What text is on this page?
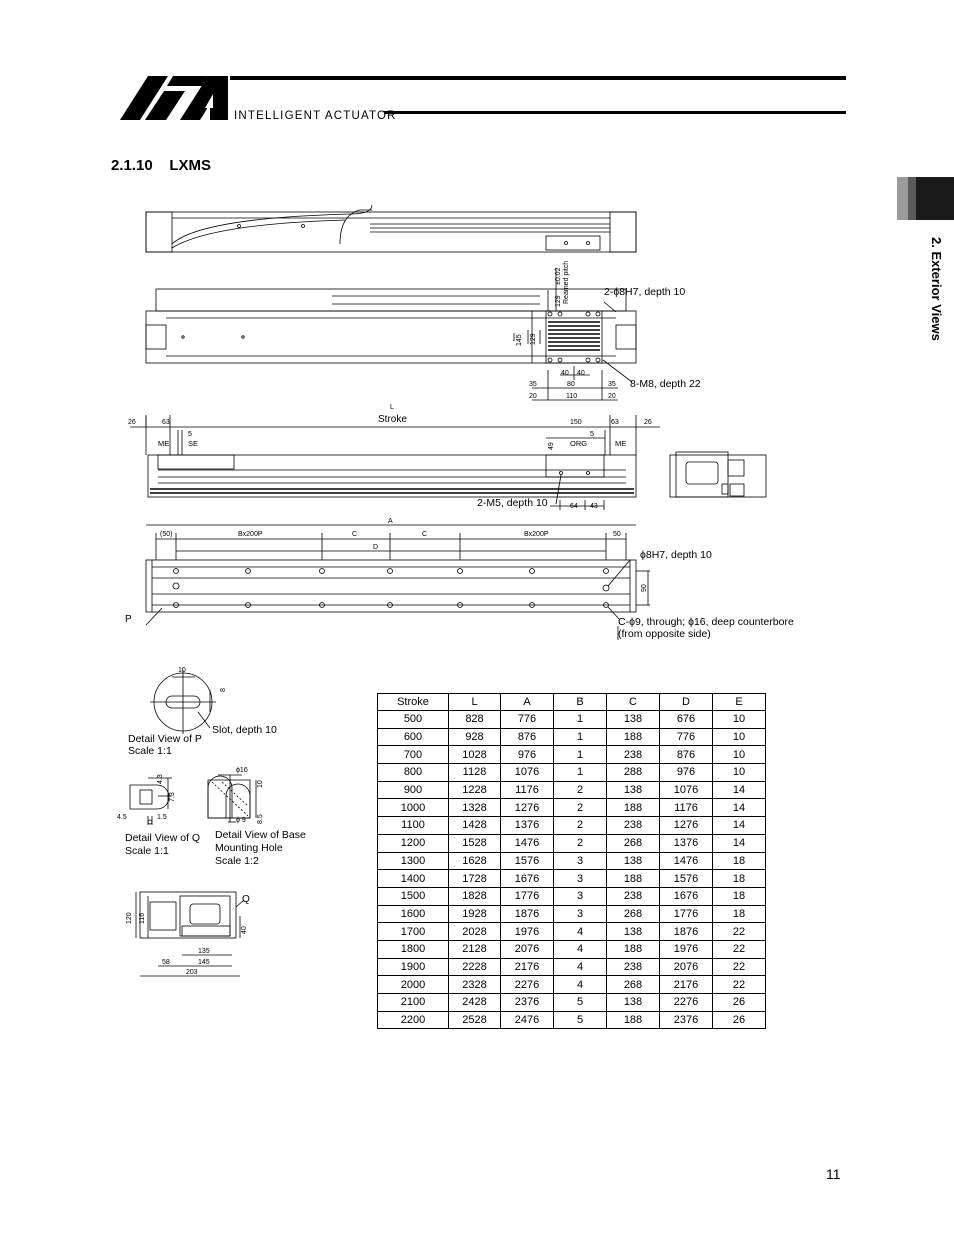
INTELLIGENT ACTUATOR
2.1.10 LXMS
2. Exterior Views
2-ϕ8H7, depth 10
8-M8, depth 22
Reamed pitch
±0.02
129
145 129
35	80	35
20	110	20
40 40
L
Stroke
26	63
5
ME	SE
150	63	26
5
ORG	ME
49
2-M5, depth 10	64 43
A
(50)	Bx200P	C	C	Bx200P	50
D
ϕ8H7, depth 10
90
P	C-ϕ9, through; ϕ16, deep counterbore
(from opposite side)
10
8
Slot, depth 10
Detail View of P
Scale 1:1
4.3
7.3
4.5	1.5
Detail View of Q
Scale 1:1
ϕ16
10
ϕ 9 8.5
Detail View of Base
Mounting Hole
Scale 1:2
Q
120 116
40
135
145
58
203
Stroke	L	A	B	C	D	E
500	828	776	1	138	676	10
600	928	876	1	188	776	10
700	1028	976	1	238	876	10
800	1128	1076	1	288	976	10
900	1228	1176	2	138	1076	14
1000	1328	1276	2	188	1176	14
1100	1428	1376	2	238	1276	14
1200	1528	1476	2	268	1376	14
1300	1628	1576	3	138	1476	18
1400	1728	1676	3	188	1576	18
1500	1828	1776	3	238	1676	18
1600	1928	1876	3	268	1776	18
1700	2028	1976	4	138	1876	22
1800	2128	2076	4	188	1976	22
1900	2228	2176	4	238	2076	22
2000	2328	2276	4	268	2176	22
2100	2428	2376	5	138	2276	26
2200	2528	2476	5	188	2376	26
11
